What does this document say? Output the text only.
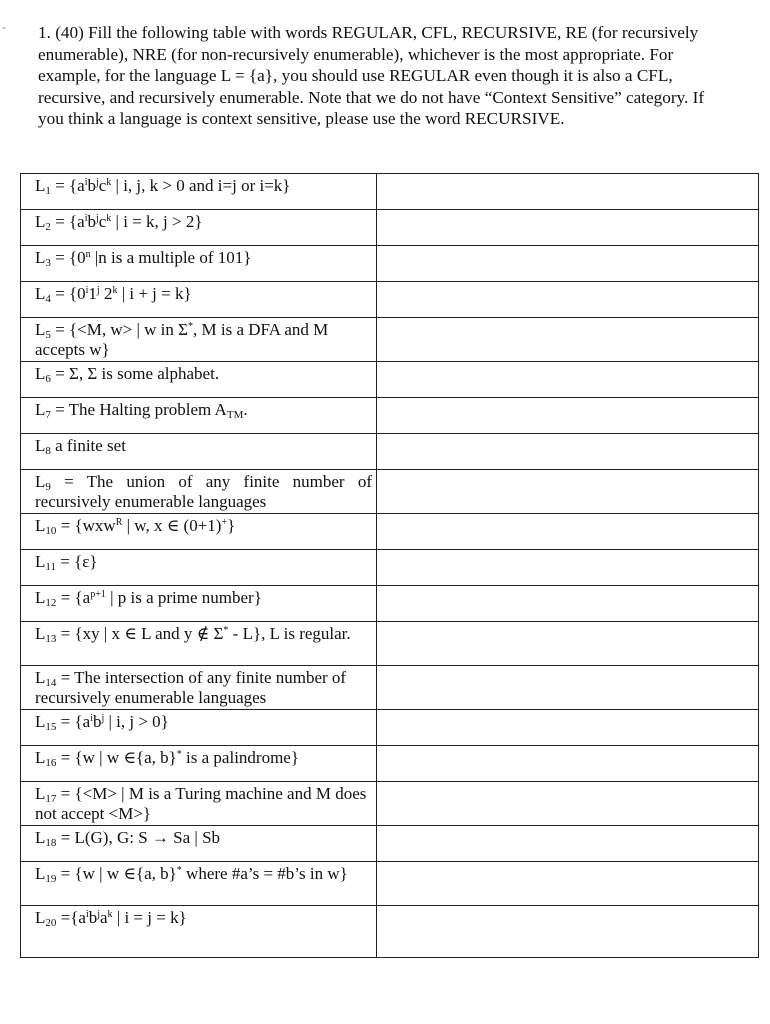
- 1. (40) Fill the following table with words REGULAR, CFL, RECURSIVE, RE (for recursively enumerable), NRE (for non-recursively enumerable), whichever is the most appropriate. For example, for the language L = {a}, you should use REGULAR even though it is also a CFL, recursive, and recursively enumerable. Note that we do not have “Context Sensitive” category. If you think a language is context sensitive, please use the word RECURSIVE.
$L_1 = \{a^ib^jc^k$ | i, j, k > 0 and i=j or i=k}	
$L_2 = \{a^ib^jc^k$ | i = k, j > 2}	
$L_3 = \{0^n$ |n is a multiple of 101}	
$L_4 = \{0^i1^j$ 2$^k$ | i + j = k}	
$L_5 = \{<M$, w> | w in Σ*, M is a DFA and M accepts w}	
$L_6 = \Sigma$, Σ is some alphabet.	
$L_7$ = The Halting problem $A_{TM}$.	
$L_8$ a finite set	
$L_9$ = The union of any finite number of recursively enumerable languages	
$L_{10} = \{wxw^R$ | w, x ∈ (0+1)+}	
$L_{11} = \{\varepsilon\}$	
$L_{12} = \{a^{p+1}$ | p is a prime number}	
$L_{13} = \{xy$ | x ∈ L and y ∉ Σ* - L}, L is regular.	
$L_{14}$ = The intersection of any finite number of recursively enumerable languages	
$L_{15} = \{a^ib^j$ | i, j > 0}	
$L_{16} = \{w$ | w ∈{a, b}* is a palindrome}	
$L_{17} = \{<M>$ | M is a Turing machine and M does not accept <M>}	
$L_{18} = L(G)$, G: S → Sa | Sb	
$L_{19} = \{w$ | w ∈{a, b}* where #a’s = #b’s in w}	
$L_{20} =\{a^ib^ja^k$ | i = j = k}	
